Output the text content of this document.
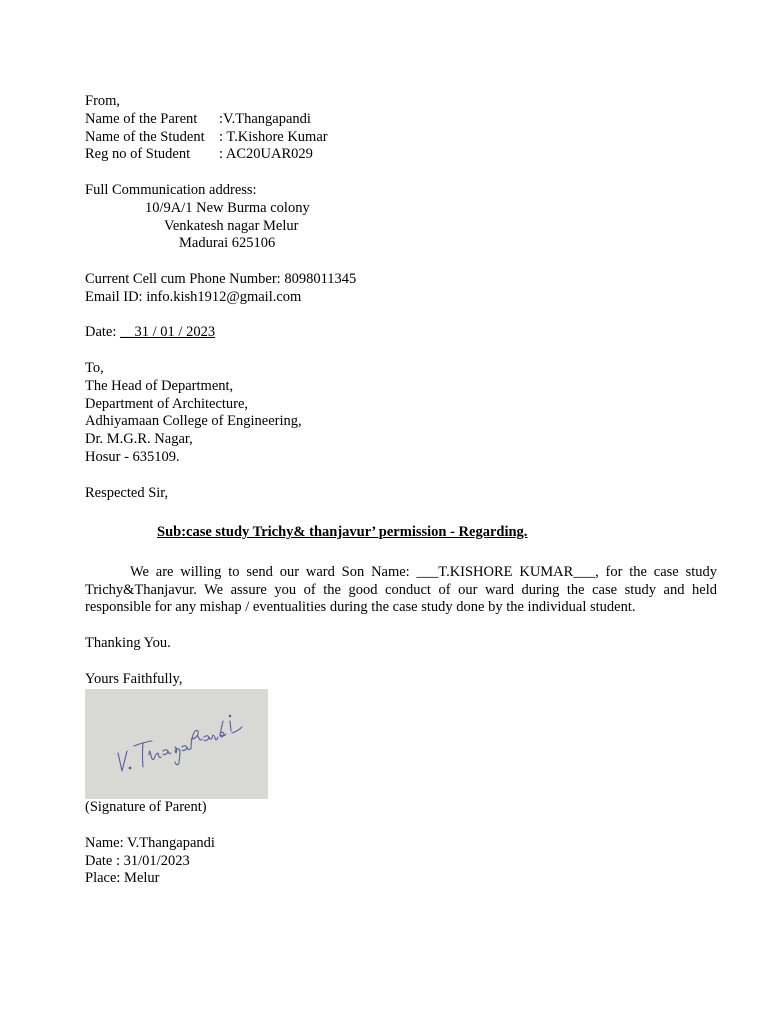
From,
Name of the Parent	:V.Thangapandi
Name of the Student : T.Kishore Kumar
Reg no of Student	: AC20UAR029
Full Communication address:
10/9A/1 New Burma colony
Venkatesh nagar Melur
Madurai 625106
Current Cell cum Phone Number: 8098011345
Email ID: info.kish1912@gmail.com
Date: __31 / 01 / 2023
To,
The Head of Department,
Department of Architecture,
Adhiyamaan College of Engineering,
Dr. M.G.R. Nagar,
Hosur - 635109.
Respected Sir,
Sub:case study Trichy& thanjavur’ permission - Regarding.
We are willing to send our ward Son Name: ___T.KISHORE KUMAR___, for the case study Trichy&Thanjavur. We assure you of the good conduct of our ward during the case study and held responsible for any mishap / eventualities during the case study done by the individual student.
Thanking You.
Yours Faithfully,
(Signature of Parent)
Name: V.Thangapandi
Date : 31/01/2023
Place: Melur
